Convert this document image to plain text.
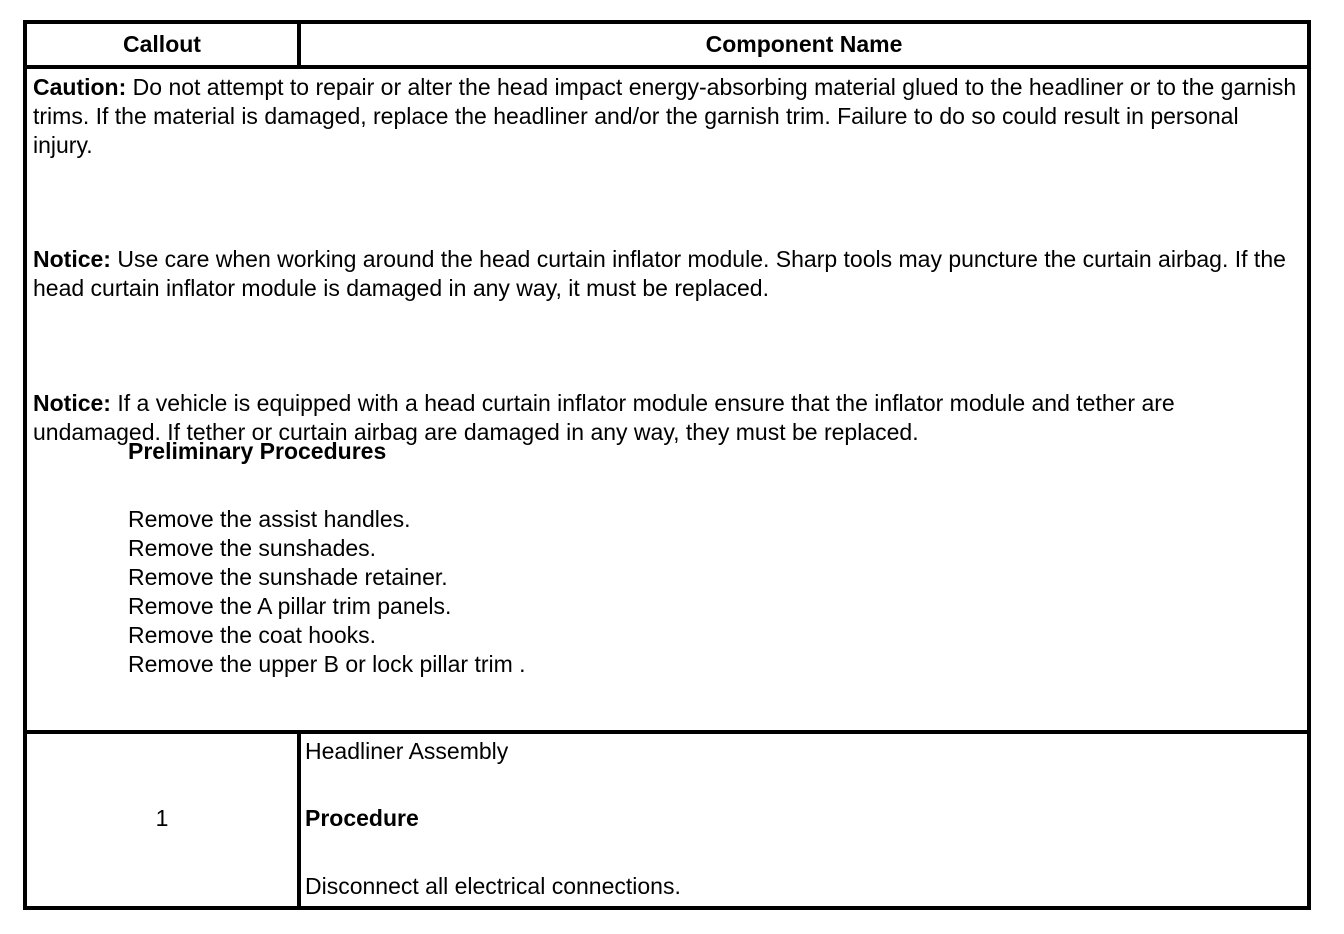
Callout	Component Name
Caution: Do not attempt to repair or alter the head impact energy-absorbing material glued to the headliner or to the garnish trims. If the material is damaged, replace the headliner and/or the garnish trim. Failure to do so could result in personal injury.
Notice: Use care when working around the head curtain inflator module. Sharp tools may puncture the curtain airbag. If the head curtain inflator module is damaged in any way, it must be replaced.
Notice: If a vehicle is equipped with a head curtain inflator module ensure that the inflator module and tether are undamaged. If tether or curtain airbag are damaged in any way, they must be replaced.
Preliminary Procedures
Remove the assist handles.
Remove the sunshades.
Remove the sunshade retainer.
Remove the A pillar trim panels.
Remove the coat hooks.
Remove the upper B or lock pillar trim .
1
Headliner Assembly
Procedure
Disconnect all electrical connections.
